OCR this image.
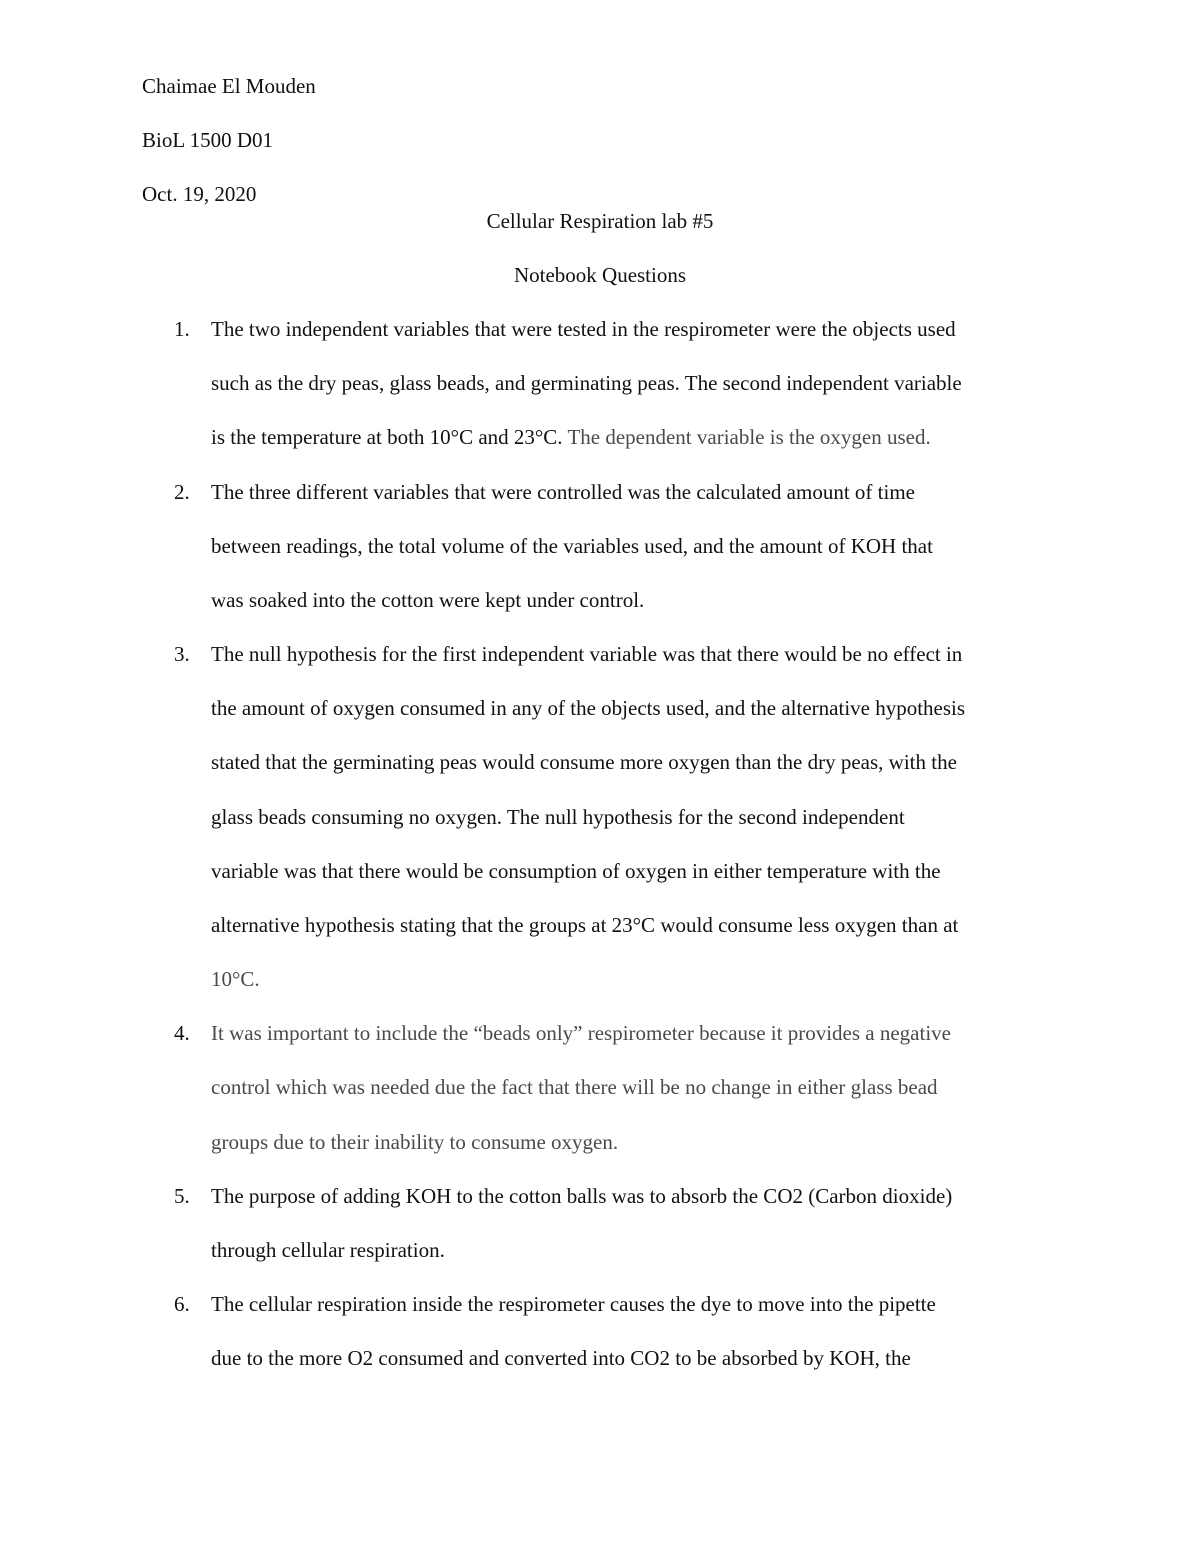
Chaimae El Mouden
BioL 1500 D01
Oct. 19, 2020
Cellular Respiration lab #5
Notebook Questions
1. The two independent variables that were tested in the respirometer were the objects used
such as the dry peas, glass beads, and germinating peas. The second independent variable
is the temperature at both 10°C and 23°C. The dependent variable is the oxygen used.
2. The three different variables that were controlled was the calculated amount of time
between readings, the total volume of the variables used, and the amount of KOH that
was soaked into the cotton were kept under control.
3. The null hypothesis for the first independent variable was that there would be no effect in
the amount of oxygen consumed in any of the objects used, and the alternative hypothesis
stated that the germinating peas would consume more oxygen than the dry peas, with the
glass beads consuming no oxygen. The null hypothesis for the second independent
variable was that there would be consumption of oxygen in either temperature with the
alternative hypothesis stating that the groups at 23°C would consume less oxygen than at
10°C.
4. It was important to include the “beads only” respirometer because it provides a negative
control which was needed due the fact that there will be no change in either glass bead
groups due to their inability to consume oxygen.
5. The purpose of adding KOH to the cotton balls was to absorb the CO2 (Carbon dioxide)
through cellular respiration.
6. The cellular respiration inside the respirometer causes the dye to move into the pipette
due to the more O2 consumed and converted into CO2 to be absorbed by KOH, the
